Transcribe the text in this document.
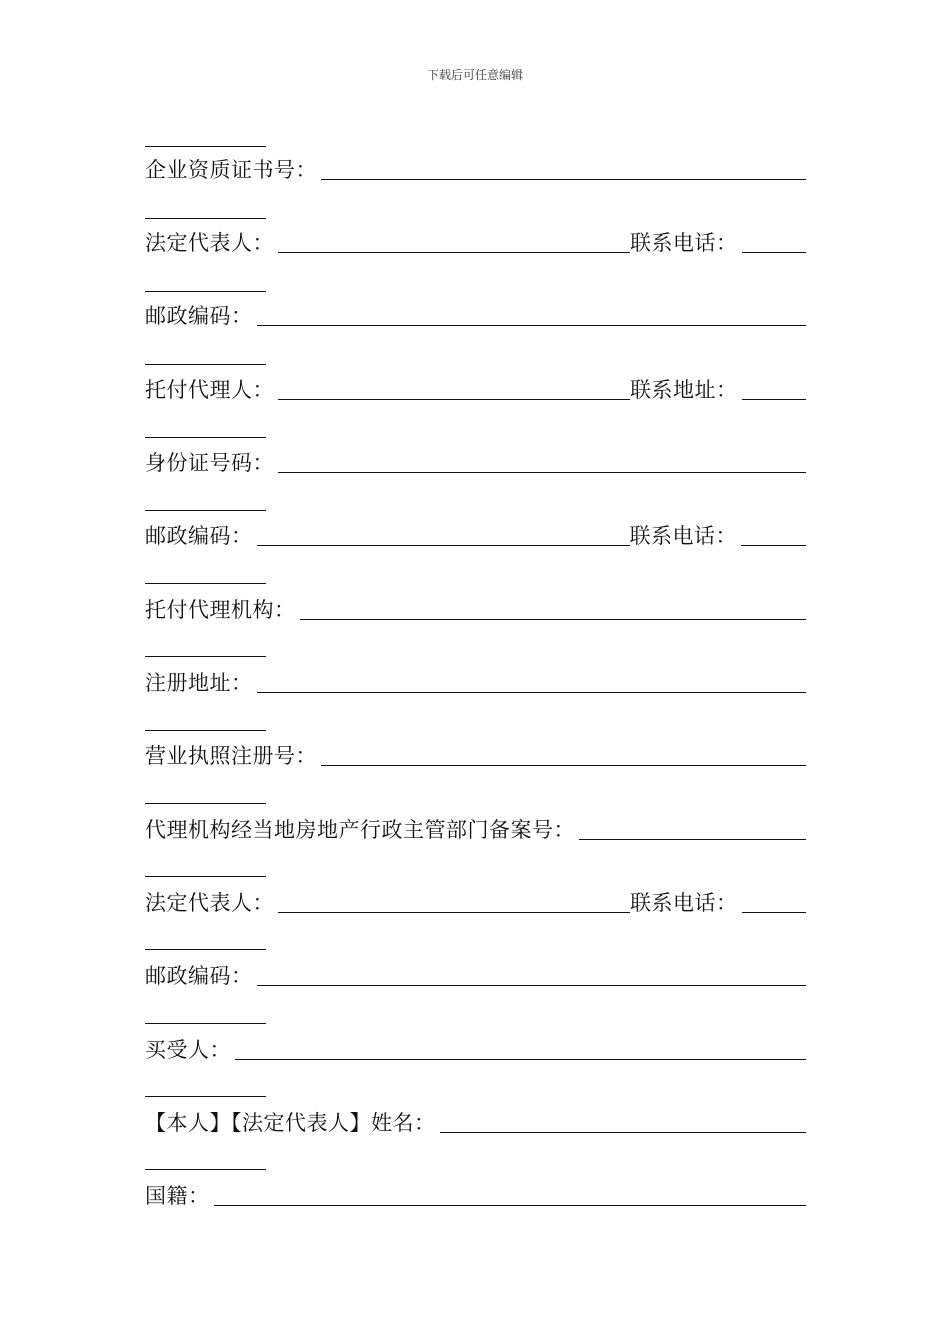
下载后可任意编辑
企业资质证书号：
法定代表人：	联系电话：
邮政编码：
托付代理人：	联系地址：
身份证号码：
邮政编码：	联系电话：
托付代理机构：
注册地址：
营业执照注册号：
代理机构经当地房地产行政主管部门备案号：
法定代表人：	联系电话：
邮政编码：
买受人：
【本人】【法定代表人】姓名：
国籍：
